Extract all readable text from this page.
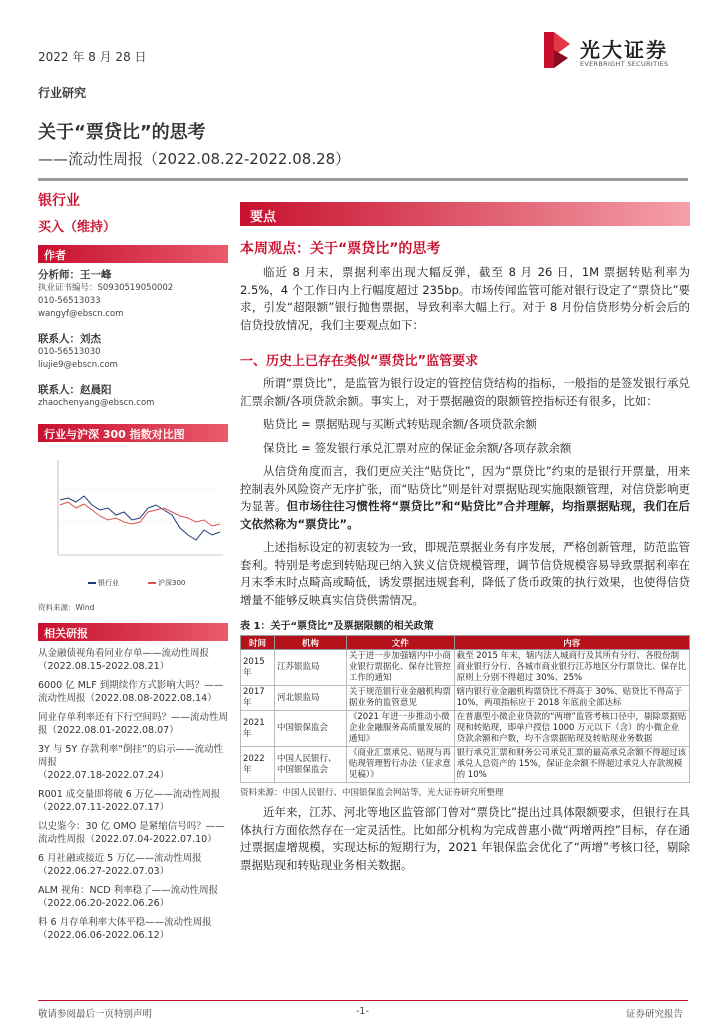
2022 年 8 月 28 日	光大证券
EVERBRIGHT SECURITIES
行业研究
关于“票贷比”的思考
——流动性周报（2022.08.22-2022.08.28）
银行业
买入（维持）
作者
分析师：王一峰
执业证书编号：S0930519050002
010-56513033
wangyf@ebscn.com
联系人：刘杰
010-56513030
liujie9@ebscn.com
联系人：赵晨阳
zhaochenyang@ebscn.com
行业与沪深 300 指数对比图
银行业	沪深300
资料来源：Wind
相关研报
从金融债视角看同业存单——流动性周报
（2022.08.15-2022.08.21）
6000 亿 MLF 到期续作方式影响大吗？——流动性周报（2022.08.08-2022.08.14）
同业存单利率还有下行空间吗？——流动性周报（2022.08.01-2022.08.07）
3Y 与 5Y 存款利率“倒挂”的启示——流动性周报
（2022.07.18-2022.07.24）
R001 成交量即将破 6 万亿——流动性周报
（2022.07.11-2022.07.17）
以史鉴今：30 亿 OMO 是紧缩信号吗？——流动性周报（2022.07.04-2022.07.10）
6 月社融或接近 5 万亿——流动性周报
（2022.06.27-2022.07.03）
ALM 视角：NCD 利率稳了——流动性周报
（2022.06.20-2022.06.26）
料 6 月存单利率大体平稳——流动性周报
（2022.06.06-2022.06.12）
要点
本周观点：关于“票贷比”的思考

临近 8 月末，票据利率出现大幅反弹，截至 8 月 26 日，1M 票据转贴利率为 2.5%，4 个工作日内上行幅度超过 235bp。市场传闻监管可能对银行设定了“票贷比”要求，引发“超限额”银行抛售票据，导致利率大幅上行。对于 8 月份信贷形势分析会后的信贷投放情况，我们主要观点如下：

一、历史上已存在类似“票贷比”监管要求

所谓“票贷比”，是监管为银行设定的管控信贷结构的指标，一般指的是签发银行承兑汇票余额/各项贷款余额。事实上，对于票据融资的限额管控指标还有很多，比如：

贴贷比 = 票据贴现与买断式转贴现余额/各项贷款余额

保贷比 = 签发银行承兑汇票对应的保证金余额/各项存款余额

从信贷角度而言，我们更应关注“贴贷比”，因为“票贷比”约束的是银行开票量，用来控制表外风险资产无序扩张，而“贴贷比”则是针对票据贴现实施限额管理，对信贷影响更为显著。但市场往往习惯性将“票贷比”和“贴贷比”合并理解，均指票据贴现，我们在后文依然称为“票贷比”。

上述指标设定的初衷较为一致，即规范票据业务有序发展，严格创新管理，防范监管套利。特别是考虑到转贴现已纳入狭义信贷规模管理，调节信贷规模容易导致票据利率在月末季末时点畸高或畸低，诱发票据违规套利，降低了货币政策的执行效果，也使得信贷增量不能够反映真实信贷供需情况。

表 1：关于“票贷比”及票据限额的相关政策
时间	机构	文件	内容
2015 年	江苏银监局	关于进一步加强辖内中小商业银行票据化、保存比管控工作的通知	截至 2015 年末，辖内法人城商行及其所有分行、各股份制商业银行分行、各城市商业银行江苏地区分行票贷比、保存比原则上分别不得超过 30%、25%
2017 年	河北银监局	关于规范银行业金融机构票据业务的监管意见	辖内银行业金融机构票贷比不得高于 30%、贴贷比不得高于 10%，两项指标应于 2018 年底前全部达标
2021 年	中国银保监会	《2021 年进一步推动小微企业金融服务高质量发展的通知》	在普惠型小微企业贷款的“两增”监管考核口径中，剔除票据贴现和转贴现，即单户授信 1000 万元以下（含）的小微企业贷款余额和户数，均不含票据贴现及转贴现业务数据
2022 年	中国人民银行、中国银保监会	《商业汇票承兑、贴现与再贴现管理暂行办法（征求意见稿）》	银行承兑汇票和财务公司承兑汇票的最高承兑余额不得超过该承兑人总资产的 15%，保证金余额不得超过承兑人存款规模的 10%
资料来源：中国人民银行、中国银保监会网站等，光大证券研究所整理

近年来，江苏、河北等地区监管部门曾对“票贷比”提出过具体限额要求，但银行在具体执行方面依然存在一定灵活性。比如部分机构为完成普惠小微“两增两控”目标，存在通过票据虚增规模，实现达标的短期行为，2021 年银保监会优化了“两增”考核口径，剔除票据贴现和转贴现业务相关数据。

敬请参阅最后一页特别声明	-1-	证券研究报告
